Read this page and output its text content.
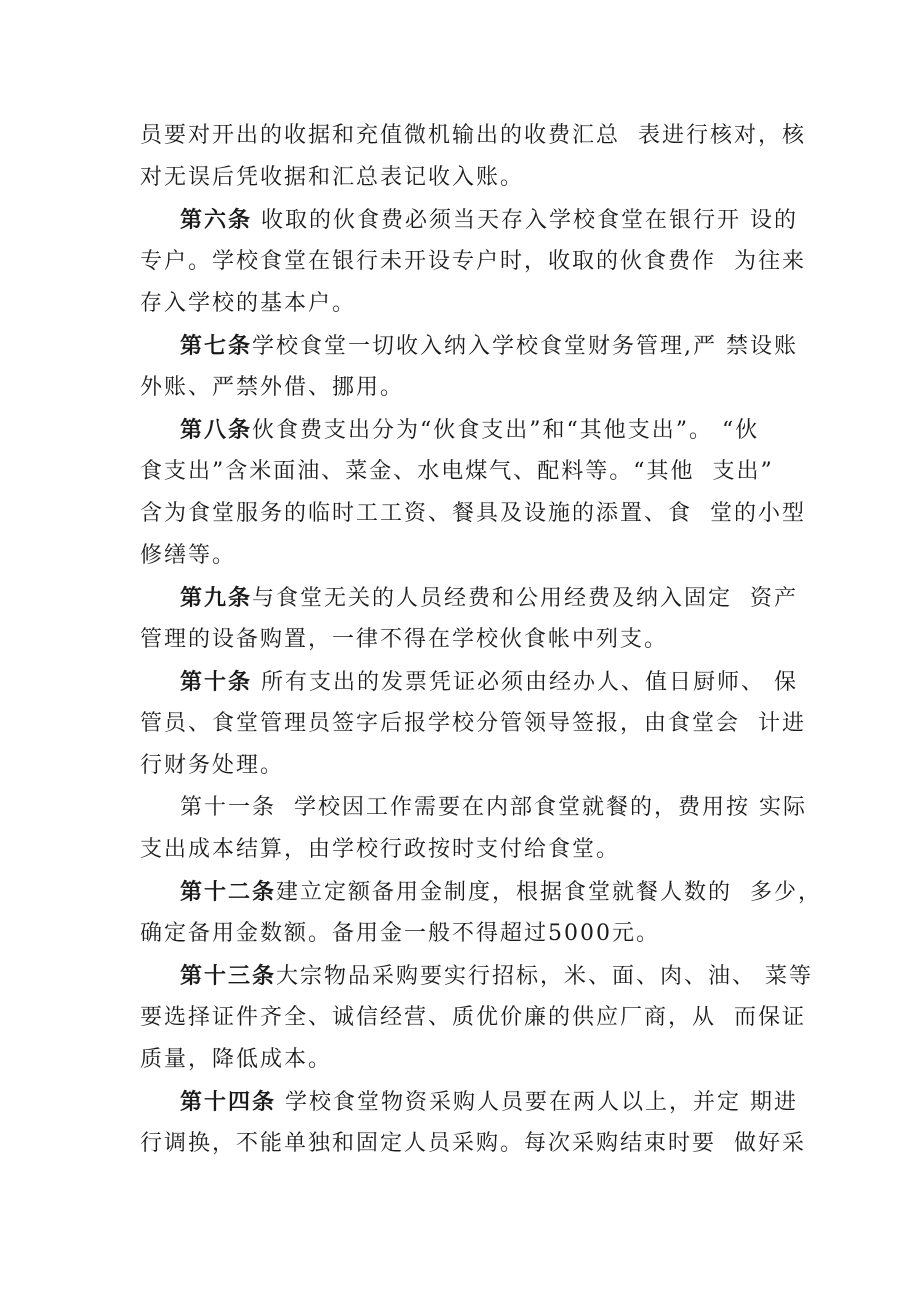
员要对开出的收据和充值微机输出的收费汇总  表进行核对，核
对无误后凭收据和汇总表记收入账。
第六条 收取的伙食费必须当天存入学校食堂在银行开 设的
专户。学校食堂在银行未开设专户时，收取的伙食费作  为往来
存入学校的基本户。
第七条学校食堂一切收入纳入学校食堂财务管理,严 禁设账
外账、严禁外借、挪用。
第八条伙食费支出分为“伙食支出”和“其他支出”。 “伙
食支出”含米面油、菜金、水电煤气、配料等。“其他  支出”
含为食堂服务的临时工工资、餐具及设施的添置、食  堂的小型
修缮等。
第九条与食堂无关的人员经费和公用经费及纳入固定  资产
管理的设备购置，一律不得在学校伙食帐中列支。
第十条 所有支出的发票凭证必须由经办人、值日厨师、 保
管员、食堂管理员签字后报学校分管领导签报，由食堂会  计进
行财务处理。
第十一条  学校因工作需要在内部食堂就餐的，费用按 实际
支出成本结算，由学校行政按时支付给食堂。
第十二条建立定额备用金制度，根据食堂就餐人数的  多少，
确定备用金数额。备用金一般不得超过5000元。
第十三条大宗物品采购要实行招标，米、面、肉、油、 菜等
要选择证件齐全、诚信经营、质优价廉的供应厂商，从  而保证
质量，降低成本。
第十四条 学校食堂物资采购人员要在两人以上，并定 期进
行调换，不能单独和固定人员采购。每次采购结束时要  做好采
